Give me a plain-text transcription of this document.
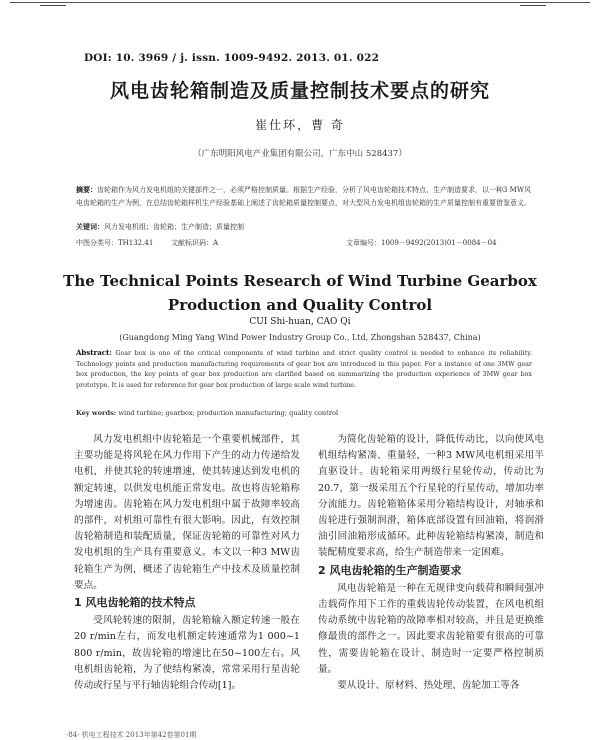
DOI: 10. 3969 / j. issn. 1009-9492. 2013. 01. 022
风电齿轮箱制造及质量控制技术要点的研究
崔仕环，曹 奇
（广东明阳风电产业集团有限公司，广东中山 528437）
摘要：齿轮箱作为风力发电机组的关键部件之一，必须严格控制质量。根据生产经验，分析了风电齿轮箱技术特点、生产制造要求，以一种3 MW风电齿轮箱的生产为例，在总结齿轮箱样机生产经验基础上阐述了齿轮箱质量控制要点，对大型风力发电机组齿轮箱的生产质量控制有重要借鉴意义。
关键词：风力发电机组；齿轮箱；生产制造；质量控制
中图分类号：TH132.41	文献标识码：A	文章编号：1009－9492(2013)01－0084－04
The Technical Points Research of Wind Turbine Gearbox Production and Quality Control
CUI Shi-huan, CAO Qi
(Guangdong Ming Yang Wind Power Industry Group Co., Ltd, Zhongshan 528437, China)
Abstract: Gear box is one of the critical components of wind turbine and strict quality control is needed to enhance its reliability. Technology points and production manufacturing requirements of gear box are introduced in this paper. For a instance of one 3MW gear box production, the key points of gear box production are clarified based on summarizing the production experience of 3MW gear box prototype. It is used for reference for gear box production of large scale wind turbine.
Key words: wind turbine; gearbox; production manufacturing; quality control

风力发电机组中齿轮箱是一个重要机械部件，其主要功能是将风轮在风力作用下产生的动力传递给发电机，并使其轮的转速增速，使其转速达到发电机的额定转速，以供发电机能正常发电。故也将齿轮箱称为增速齿。齿轮箱在风力发电机组中属于故障率较高的部件，对机组可靠性有很大影响。因此，有效控制齿轮箱制造和装配质量，保证齿轮箱的可靠性对风力发电机组的生产具有重要意义。本文以一种3 MW齿轮箱生产为例，概述了齿轮箱生产中技术及质量控制要点。

1 风电齿轮箱的技术特点

受风轮转速的限制，齿轮箱输入额定转速一般在20 r/min左右，而发电机额定转速通常为1 000~1 800 r/min，故齿轮箱的增速比在50~100左右。风电机组齿轮箱，为了使结构紧凑，常常采用行星齿轮传动或行星与平行轴齿轮组合传动[1]。

为简化齿轮箱的设计，降低传动比，以向使风电机组结构紧凑、重量轻，一种3 MW风电机组采用半直驱设计。齿轮箱采用两级行星轮传动，传动比为20.7，第一级采用五个行星轮的行星传动，增加功率分流能力。齿轮箱箱体采用分箱结构设计，对轴承和齿轮进行强制润滑，箱体底部设置有回油箱，将润滑油引回油箱形成循环。此种齿轮箱结构紧凑，制造和装配精度要求高，给生产制造带来一定困难。

2 风电齿轮箱的生产制造要求

风电齿轮箱是一种在无规律变向载荷和瞬间强冲击载荷作用下工作的重载齿轮传动装置，在风电机组传动系统中齿轮箱的故障率相对较高，并且是更换维修最贵的部件之一。因此要求齿轮箱要有很高的可靠性，需要齿轮箱在设计、制造时一定要严格控制质量。

要从设计、原材料、热处理、齿轮加工等各

·84· 机电工程技术 2013年第42卷第01期
